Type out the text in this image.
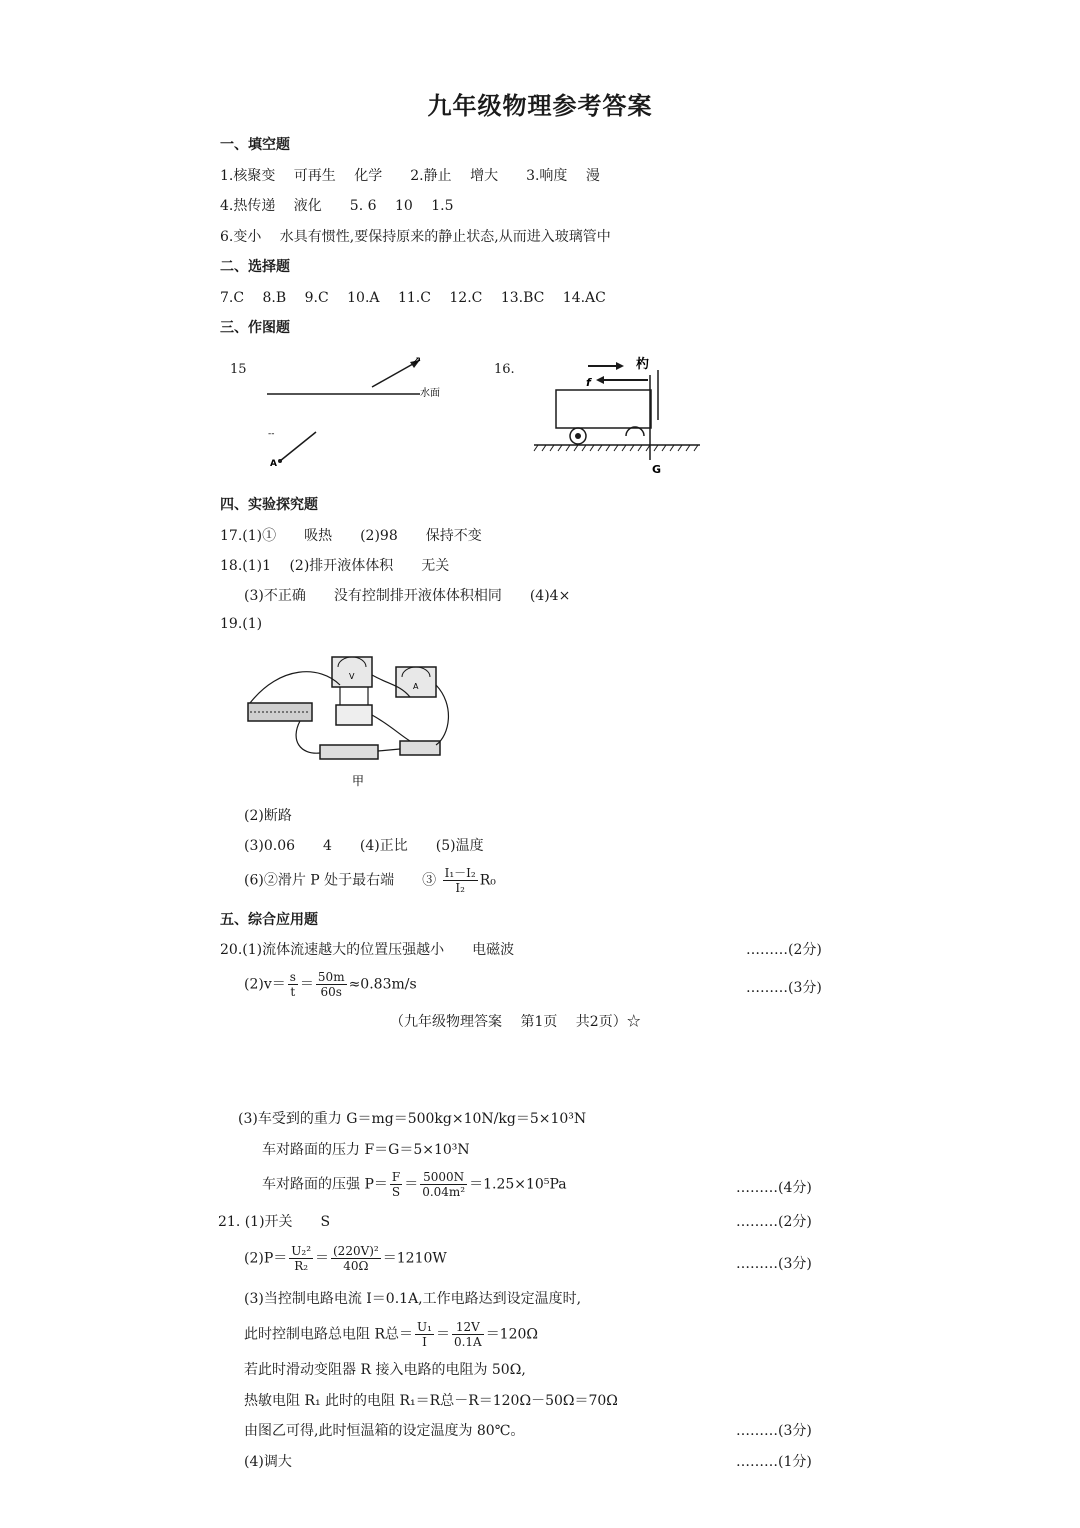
九年级物理参考答案
一、填空题
1.核聚变　 可再生　 化学　　2.静止　 增大　　3.响度　 漫
4.热传递　 液化　　5. 6　 10　 1.5
6.变小　 水具有惯性,要保持原来的静止状态,从而进入玻璃管中
二、选择题
7.C　 8.B　 9.C　 10.A　 11.C　 12.C　 13.BC　 14.AC
三、作图题
15
水面
⇗
A
--
16.
f
杓
G
四、实验探究题
17.(1)①　　吸热　　(2)98　　保持不变
18.(1)1　 (2)排开液体体积　　无关
(3)不正确　　没有控制排开液体体积相同　　(4)4×
19.(1)
V
A
甲
(2)断路
(3)0.06　　4　　(4)正比　　(5)温度
(6)②滑片 P 处于最右端　　③ $\frac{\text{I₁－I₂}}{\text{I₂}} R_0$
五、综合应用题
20.(1)流体流速越大的位置压强越小　　电磁波	………(2分)
$(2)v= \frac{s}{t} = \frac{50m}{60s} \approx 0.83m/s$	………(3分)
（九年级物理答案　 第1页　 共2页）☆
(3)车受到的重力 G＝mg＝500kg×10N/kg＝5×10³N
车对路面的压力 F＝G＝5×10³N
车对路面的压强 $P= \frac{F}{S} = \frac{5000N}{\text{0.04m²}} =1.25\times 10^5Pa$	………(4分)
21. (1)开关　　S	………(2分)
$(2)P= \frac{\text{U₂²}}{\text{R₂}} = \frac{\text{(220V)²}}{40\Omega} =1210W$	………(3分)
(3)当控制电路电流 I＝0.1A,工作电路达到设定温度时,
此时控制电路总电阻 R总＝ $\frac{\text{U₁}}{I} = \frac{12V}{0.1A} =120\Omega$
若此时滑动变阻器 R 接入电路的电阻为 50Ω,
热敏电阻 R₁ 此时的电阻 R₁＝R总－R＝120Ω－50Ω＝70Ω
由图乙可得,此时恒温箱的设定温度为 80℃。	………(3分)
(4)调大	………(1分)
